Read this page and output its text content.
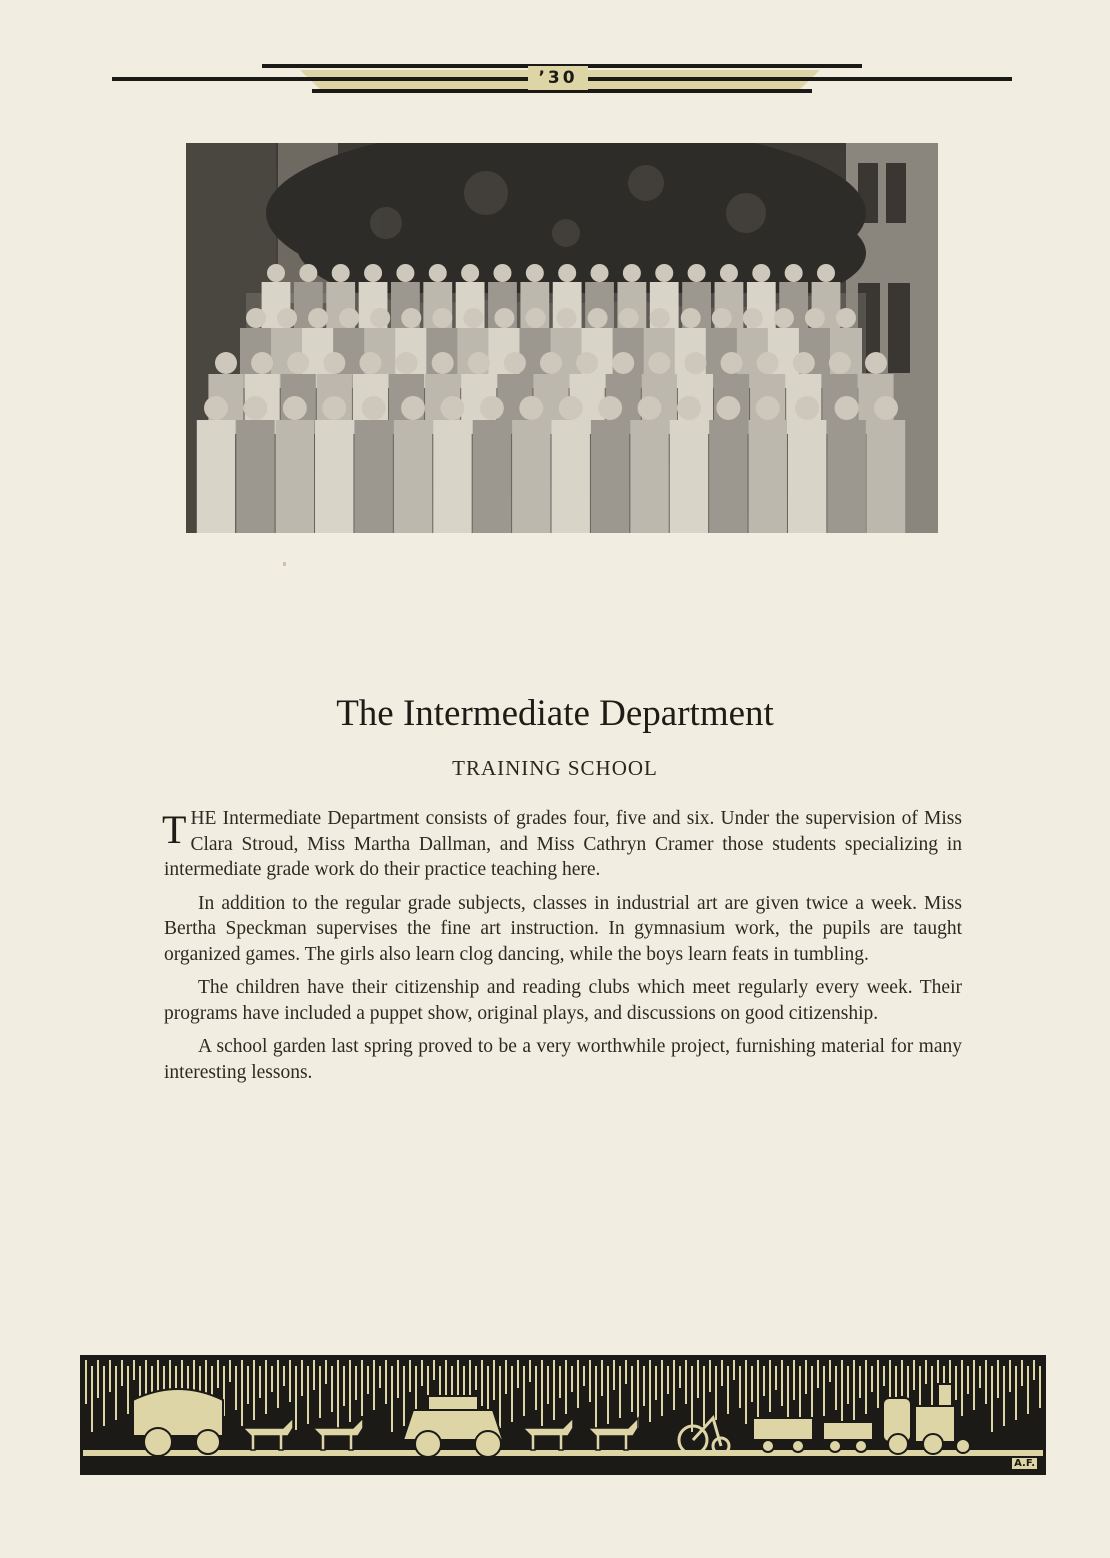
’30
The Intermediate Department
TRAINING SCHOOL

THE Intermediate Department consists of grades four, five and six. Under the supervision of Miss Clara Stroud, Miss Martha Dallman, and Miss Cathryn Cramer those students specializing in intermediate grade work do their practice teaching here.

In addition to the regular grade subjects, classes in industrial art are given twice a week. Miss Bertha Speckman supervises the fine art instruction. In gymnasium work, the pupils are taught organized games. The girls also learn clog dancing, while the boys learn feats in tumbling.

The children have their citizenship and reading clubs which meet regularly every week. Their programs have included a puppet show, original plays, and discussions on good citizenship.

A school garden last spring proved to be a very worthwhile project, furnishing material for many interesting lessons.

A.F.
